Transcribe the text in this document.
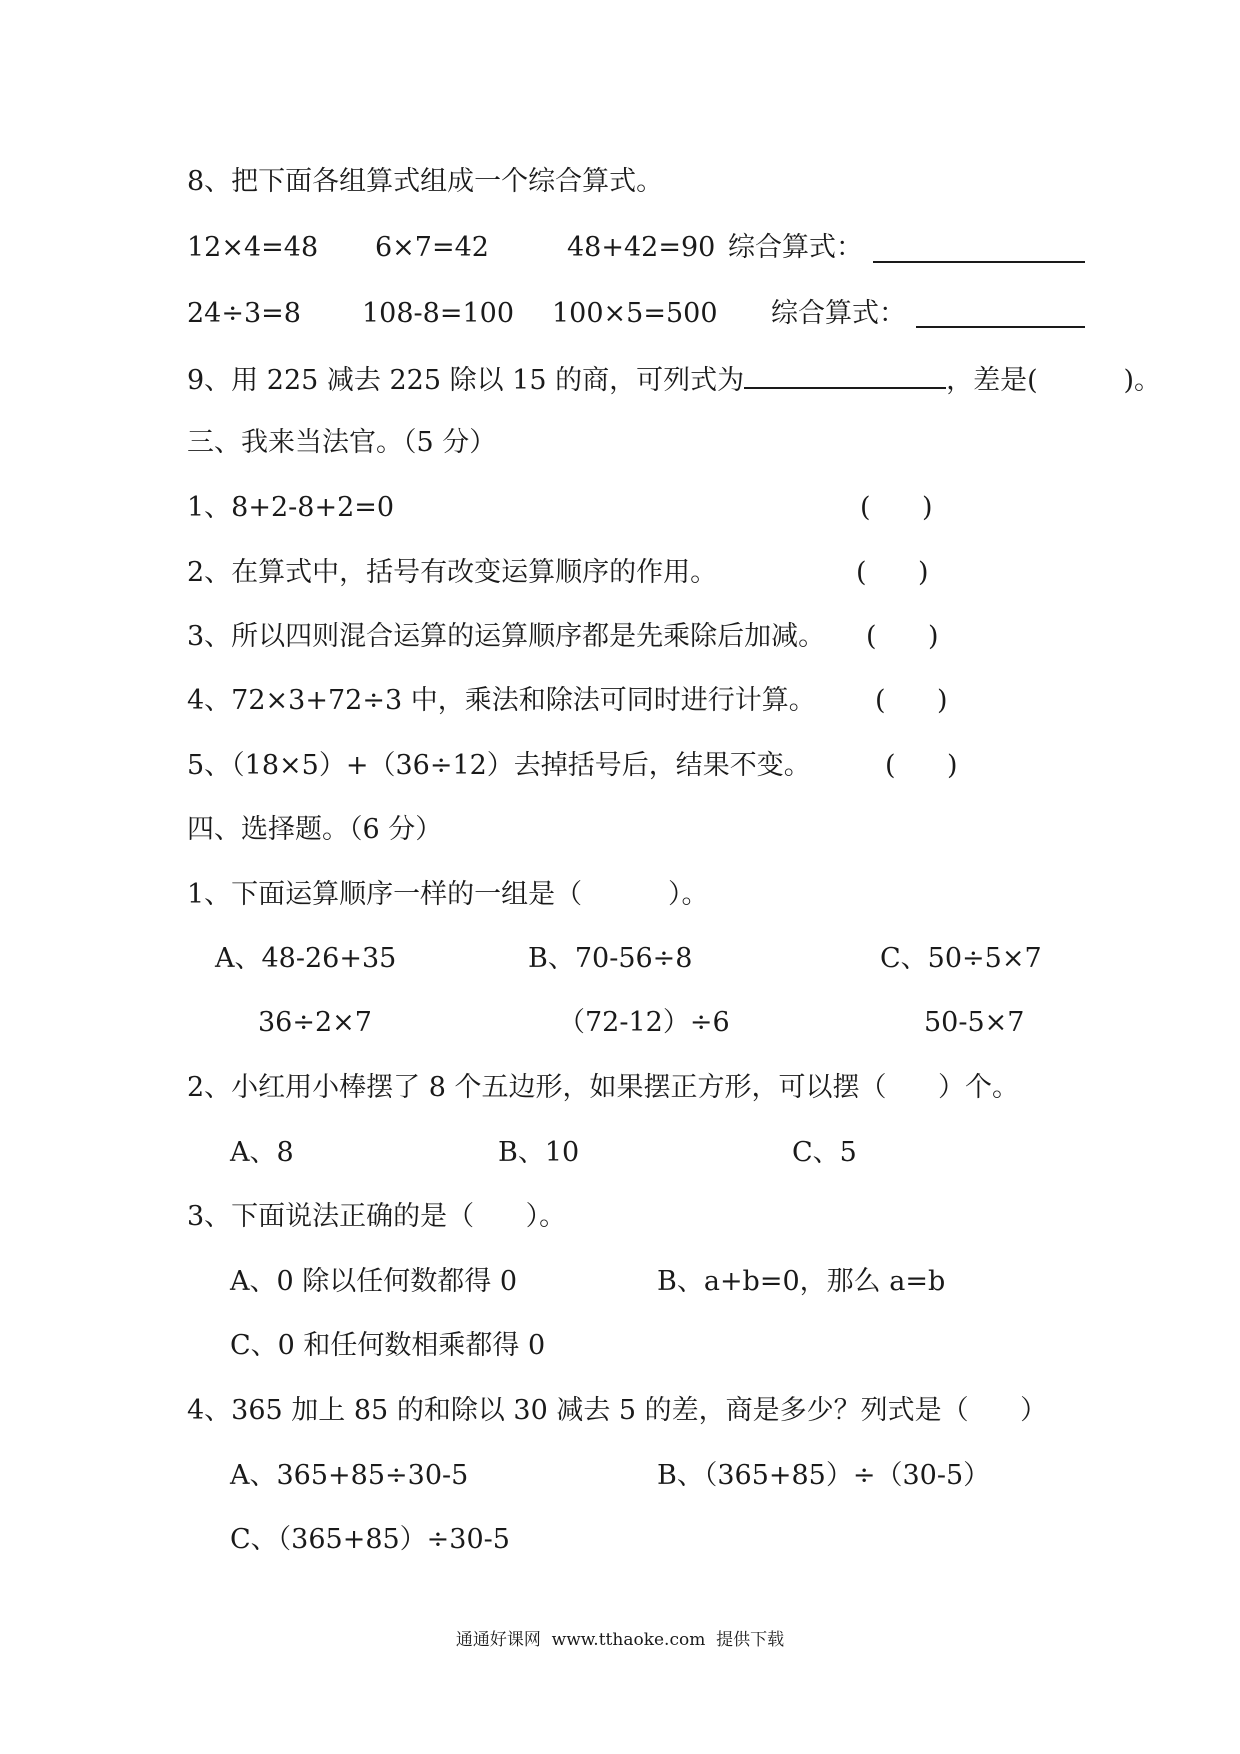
8、把下面各组算式组成一个综合算式。
12×4=48 6×7=42	48+42=90 综合算式：
24÷3=8 108-8=100 100×5=500 综合算式：
9、用 225 减去 225 除以 15 的商，可列式为	，差是(          )。
三、我来当法官。（5 分）
1、8+2-8+2=0	(      )
2、在算式中，括号有改变运算顺序的作用。	(      )
3、所以四则混合运算的运算顺序都是先乘除后加减。 (      )
4、72×3+72÷3 中，乘法和除法可同时进行计算。 (      )
5、（18×5）+（36÷12）去掉括号后，结果不变。	(      )
四、选择题。（6 分）
1、下面运算顺序一样的一组是（          ）。
A、48-26+35	B、70-56÷8	C、50÷5×7
36÷2×7	（72-12）÷6	50-5×7
2、小红用小棒摆了 8 个五边形，如果摆正方形，可以摆（      ）个。
A、8	B、10	C、5
3、下面说法正确的是（      ）。
A、0 除以任何数都得 0	B、a+b=0，那么 a=b
C、0 和任何数相乘都得 0
4、365 加上 85 的和除以 30 减去 5 的差，商是多少？列式是（      ）
A、365+85÷30-5	B、（365+85）÷（30-5）
C、（365+85）÷30-5
通通好课网  www.tthaoke.com  提供下载
